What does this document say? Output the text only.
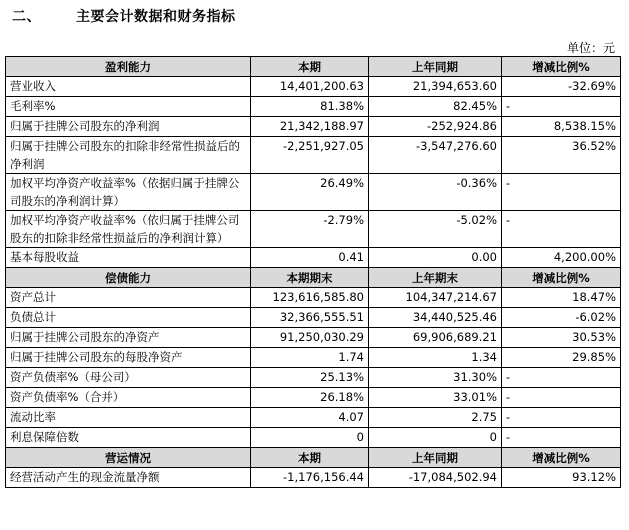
二、	主要会计数据和财务指标
单位：元
盈利能力	本期	上年同期	增减比例%
营业收入	14,401,200.63	21,394,653.60	-32.69%
毛利率%	81.38%	82.45%	-
归属于挂牌公司股东的净利润	21,342,188.97	-252,924.86	8,538.15%
归属于挂牌公司股东的扣除非经常性损益后的净利润	-2,251,927.05	-3,547,276.60	36.52%
加权平均净资产收益率%（依据归属于挂牌公司股东的净利润计算）	26.49%	-0.36%	-
加权平均净资产收益率%（依归属于挂牌公司股东的扣除非经常性损益后的净利润计算）	-2.79%	-5.02%	-
基本每股收益	0.41	0.00	4,200.00%
偿债能力	本期期末	上年期末	增减比例%
资产总计	123,616,585.80	104,347,214.67	18.47%
负债总计	32,366,555.51	34,440,525.46	-6.02%
归属于挂牌公司股东的净资产	91,250,030.29	69,906,689.21	30.53%
归属于挂牌公司股东的每股净资产	1.74	1.34	29.85%
资产负债率%（母公司）	25.13%	31.30%	-
资产负债率%（合并）	26.18%	33.01%	-
流动比率	4.07	2.75	-
利息保障倍数	0	0	-
营运情况	本期	上年同期	增减比例%
经营活动产生的现金流量净额	-1,176,156.44	-17,084,502.94	93.12%
